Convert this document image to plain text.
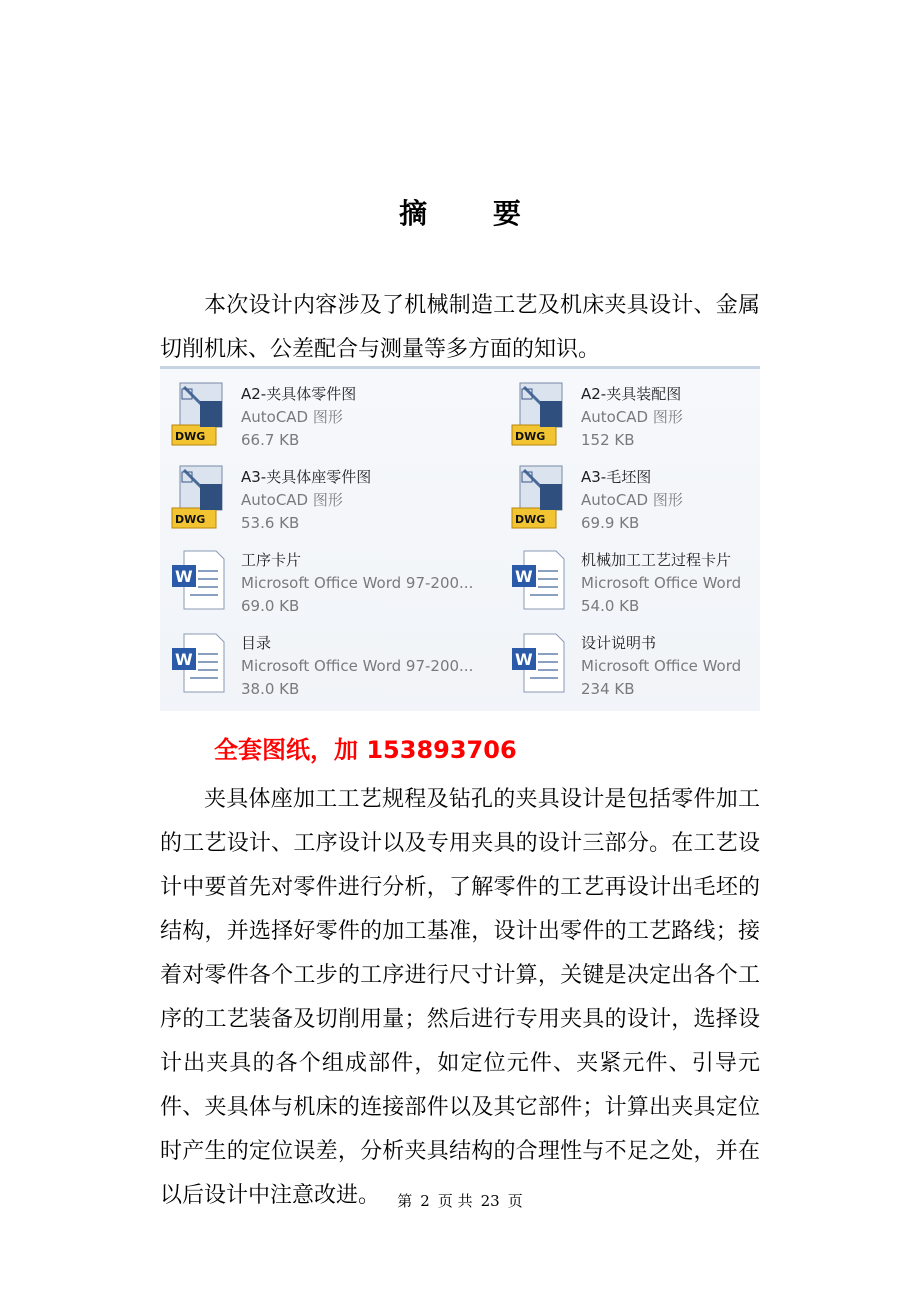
摘 要

本次设计内容涉及了机械制造工艺及机床夹具设计、金属切削机床、公差配合与测量等多方面的知识。

DWG
A2-夹具体零件图
AutoCAD 图形
66.7 KB	DWG
A2-夹具装配图
AutoCAD 图形
152 KB
DWG
A3-夹具体座零件图
AutoCAD 图形
53.6 KB	DWG
A3-毛坯图
AutoCAD 图形
69.9 KB
W
工序卡片
Microsoft Office Word 97-200...
69.0 KB
W
机械加工工艺过程卡片
Microsoft Office Word
54.0 KB
W
目录
Microsoft Office Word 97-200...
38.0 KB
W
设计说明书
Microsoft Office Word
234 KB
全套图纸，加 153893706

夹具体座加工工艺规程及钻孔的夹具设计是包括零件加工的工艺设计、工序设计以及专用夹具的设计三部分。在工艺设计中要首先对零件进行分析，了解零件的工艺再设计出毛坯的结构，并选择好零件的加工基准，设计出零件的工艺路线；接着对零件各个工步的工序进行尺寸计算，关键是决定出各个工序的工艺装备及切削用量；然后进行专用夹具的设计，选择设计出夹具的各个组成部件，如定位元件、夹紧元件、引导元件、夹具体与机床的连接部件以及其它部件；计算出夹具定位时产生的定位误差，分析夹具结构的合理性与不足之处，并在以后设计中注意改进。	第 2 页 共 23 页
